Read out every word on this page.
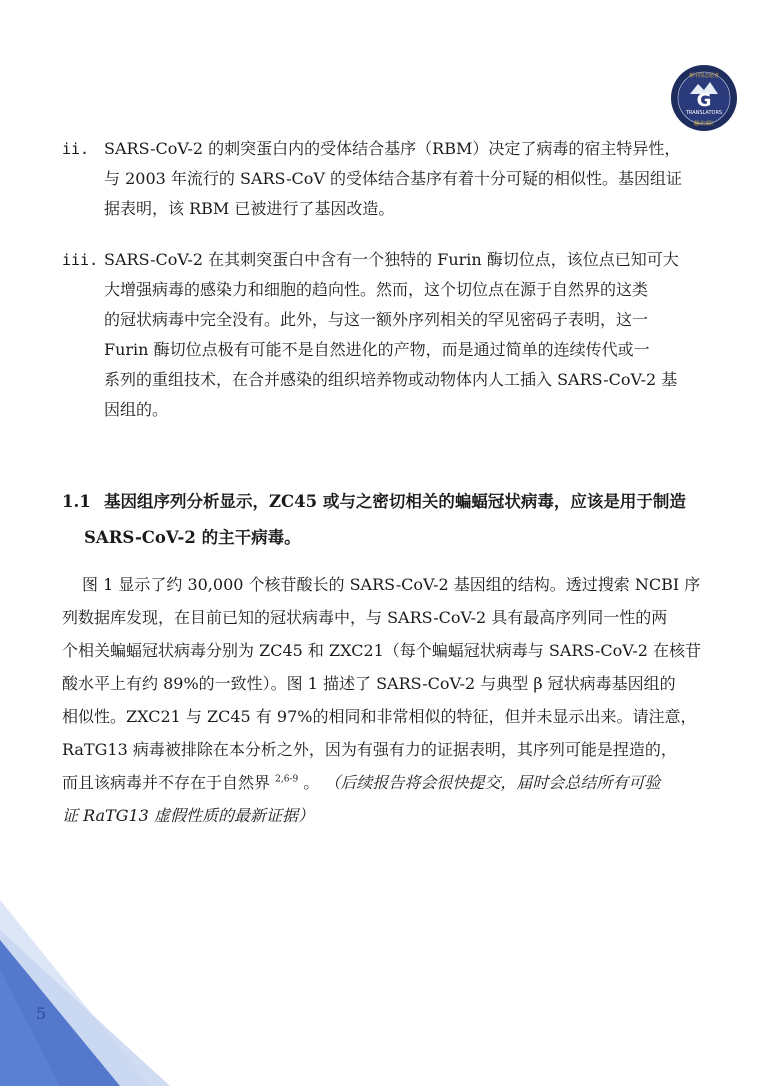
新中国志愿者
G
TRANSLATORS
翻译部队
ii. SARS-CoV-2 的刺突蛋白内的受体结合基序（RBM）决定了病毒的宿主特异性，
与 2003 年流行的 SARS-CoV 的受体结合基序有着十分可疑的相似性。基因组证
据表明，该 RBM 已被进行了基因改造。
iii. SARS-CoV-2 在其刺突蛋白中含有一个独特的 Furin 酶切位点，该位点已知可大
大增强病毒的感染力和细胞的趋向性。然而，这个切位点在源于自然界的这类
的冠状病毒中完全没有。此外，与这一额外序列相关的罕见密码子表明，这一
Furin 酶切位点极有可能不是自然进化的产物，而是通过简单的连续传代或一
系列的重组技术，在合并感染的组织培养物或动物体内人工插入 SARS-CoV-2 基
因组的。
1.1 基因组序列分析显示，ZC45 或与之密切相关的蝙蝠冠状病毒，应该是用于制造
SARS-CoV-2 的主干病毒。
图 1 显示了约 30,000 个核苷酸长的 SARS-CoV-2 基因组的结构。透过搜索 NCBI 序
列数据库发现，在目前已知的冠状病毒中，与 SARS-CoV-2 具有最高序列同一性的两
个相关蝙蝠冠状病毒分别为 ZC45 和 ZXC21（每个蝙蝠冠状病毒与 SARS-CoV-2 在核苷
酸水平上有约 89%的一致性）。图 1 描述了 SARS-CoV-2 与典型 β 冠状病毒基因组的
相似性。ZXC21 与 ZC45 有 97%的相同和非常相似的特征，但并未显示出来。请注意，
RaTG13 病毒被排除在本分析之外，因为有强有力的证据表明，其序列可能是捏造的，
而且该病毒并不存在于自然界 $^{2,6-9}$ 。 （后续报告将会很快提交，届时会总结所有可验
证 RaTG13 虚假性质的最新证据）
5
